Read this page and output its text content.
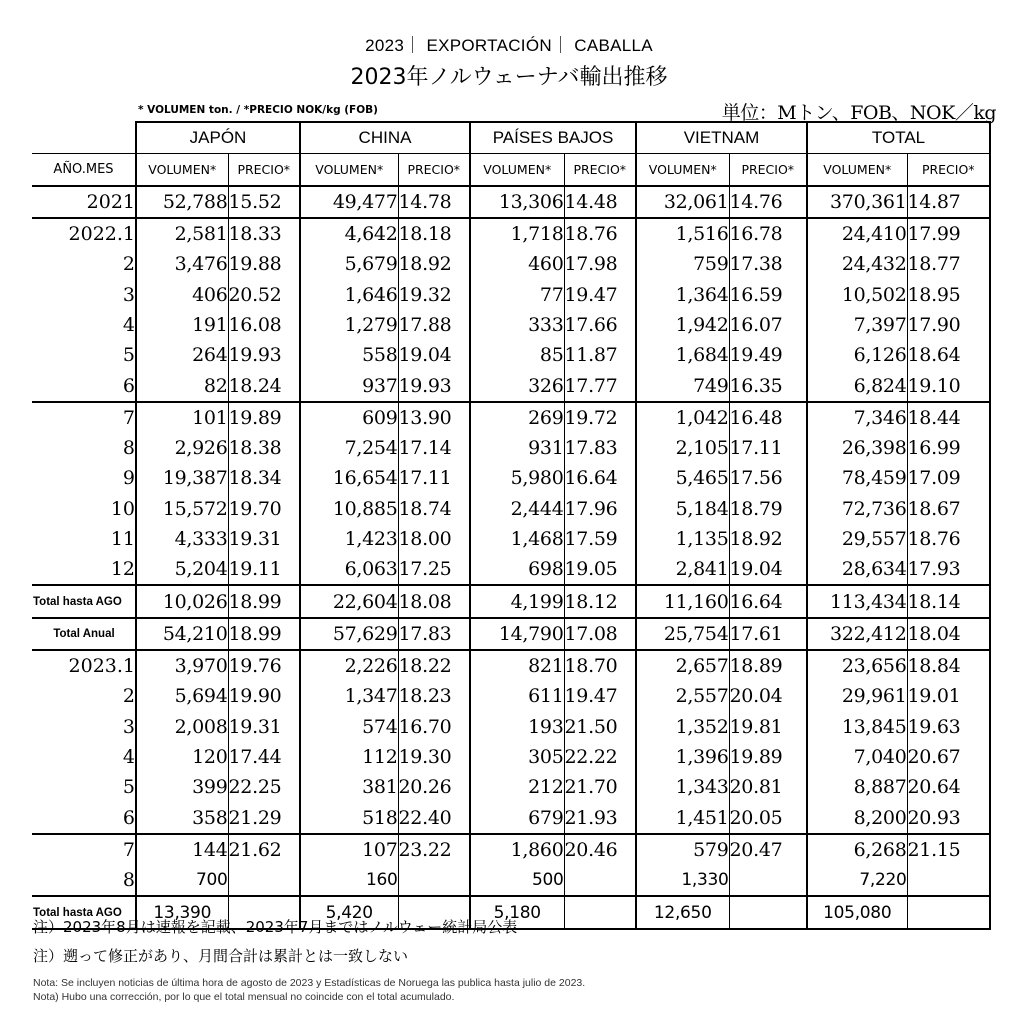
2023｜ EXPORTACIÓN｜ CABALLA
2023年ノルウェーナバ輸出推移
* VOLUMEN ton. / *PRECIO NOK/kg (FOB)	単位：Mトン、FOB、NOK／kg
	JAPÓN		CHINA		PAÍSES BAJOS		VIETNAM		TOTAL	
AÑO.MES	VOLUMEN*	PRECIO*	VOLUMEN*	PRECIO*	VOLUMEN*	PRECIO*	VOLUMEN*	PRECIO*	VOLUMEN*	PRECIO*
2021	52,788	15.52	49,477	14.78	13,306	14.48	32,061	14.76	370,361	14.87
2022.1	2,581	18.33	4,642	18.18	1,718	18.76	1,516	16.78	24,410	17.99
2	3,476	19.88	5,679	18.92	460	17.98	759	17.38	24,432	18.77
3	406	20.52	1,646	19.32	77	19.47	1,364	16.59	10,502	18.95
4	191	16.08	1,279	17.88	333	17.66	1,942	16.07	7,397	17.90
5	264	19.93	558	19.04	85	11.87	1,684	19.49	6,126	18.64
6	82	18.24	937	19.93	326	17.77	749	16.35	6,824	19.10
7	101	19.89	609	13.90	269	19.72	1,042	16.48	7,346	18.44
8	2,926	18.38	7,254	17.14	931	17.83	2,105	17.11	26,398	16.99
9	19,387	18.34	16,654	17.11	5,980	16.64	5,465	17.56	78,459	17.09
10	15,572	19.70	10,885	18.74	2,444	17.96	5,184	18.79	72,736	18.67
11	4,333	19.31	1,423	18.00	1,468	17.59	1,135	18.92	29,557	18.76
12	5,204	19.11	6,063	17.25	698	19.05	2,841	19.04	28,634	17.93
Total hasta AGO	10,026	18.99	22,604	18.08	4,199	18.12	11,160	16.64	113,434	18.14
Total Anual	54,210	18.99	57,629	17.83	14,790	17.08	25,754	17.61	322,412	18.04
2023.1	3,970	19.76	2,226	18.22	821	18.70	2,657	18.89	23,656	18.84
2	5,694	19.90	1,347	18.23	611	19.47	2,557	20.04	29,961	19.01
3	2,008	19.31	574	16.70	193	21.50	1,352	19.81	13,845	19.63
4	120	17.44	112	19.30	305	22.22	1,396	19.89	7,040	20.67
5	399	22.25	381	20.26	212	21.70	1,343	20.81	8,887	20.64
6	358	21.29	518	22.40	679	21.93	1,451	20.05	8,200	20.93
7	144	21.62	107	23.22	1,860	20.46	579	20.47	6,268	21.15
8	700		160		500		1,330		7,220	
Total hasta AGO	13,390		5,420		5,180		12,650		105,080	
注）2023年8月は速報を記載、2023年7月まではノルウェー統計局公表
注）遡って修正があり、月間合計は累計とは一致しない
Nota: Se incluyen noticias de última hora de agosto de 2023 y Estadísticas de Noruega las publica hasta julio de 2023.
Nota) Hubo una corrección, por lo que el total mensual no coincide con el total acumulado.
